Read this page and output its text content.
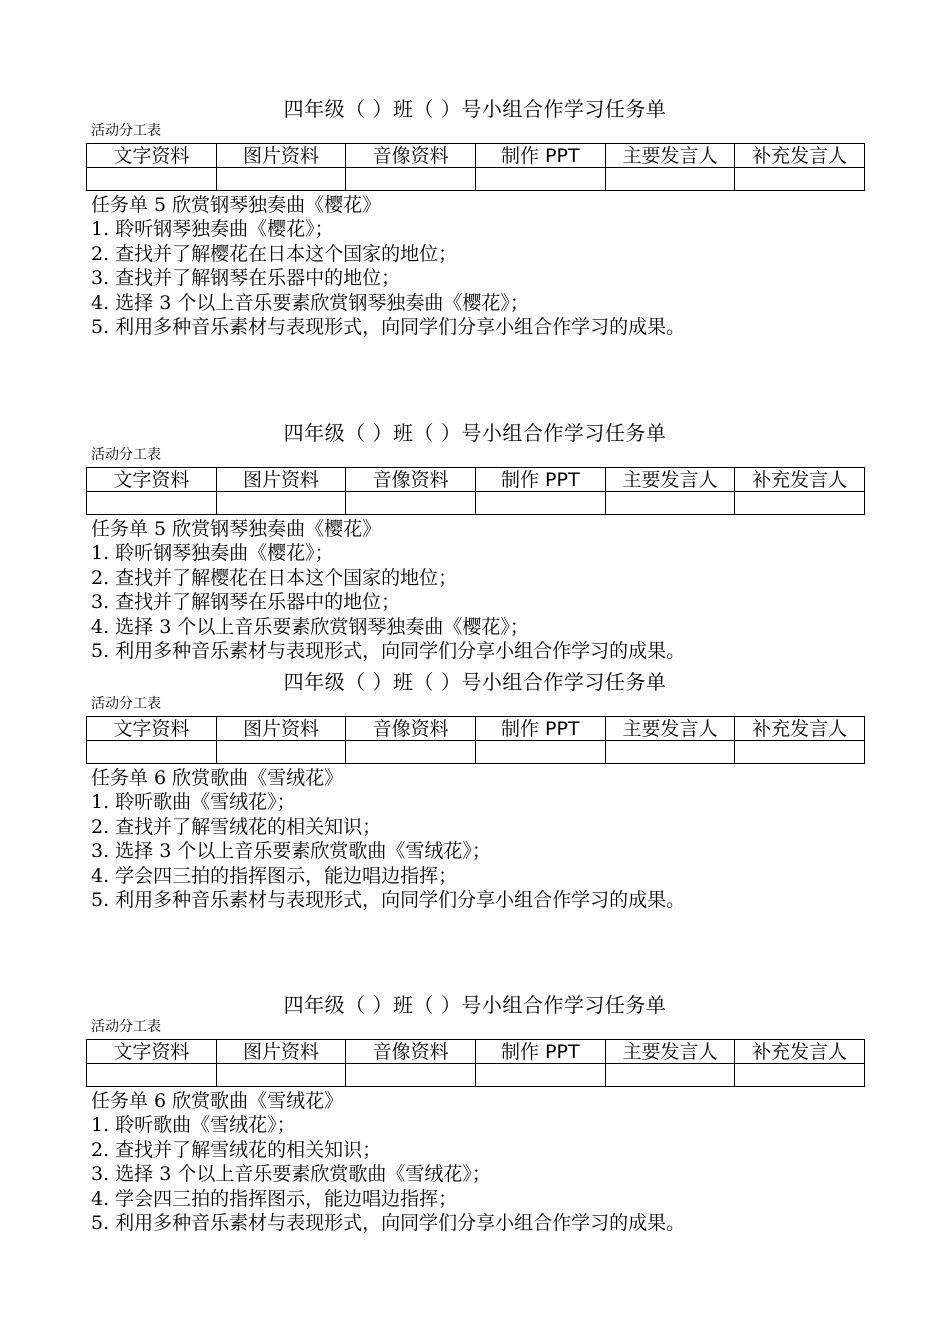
四年级（ ）班（ ）号小组合作学习任务单
活动分工表
文字资料	图片资料	音像资料	制作 PPT	主要发言人	补充发言人

任务单 5 欣赏钢琴独奏曲《樱花》
1. 聆听钢琴独奏曲《樱花》；
2. 查找并了解樱花在日本这个国家的地位；
3. 查找并了解钢琴在乐器中的地位；
4. 选择 3 个以上音乐要素欣赏钢琴独奏曲《樱花》；
5. 利用多种音乐素材与表现形式，向同学们分享小组合作学习的成果。
四年级（ ）班（ ）号小组合作学习任务单
活动分工表
文字资料	图片资料	音像资料	制作 PPT	主要发言人	补充发言人

任务单 5 欣赏钢琴独奏曲《樱花》
1. 聆听钢琴独奏曲《樱花》；
2. 查找并了解樱花在日本这个国家的地位；
3. 查找并了解钢琴在乐器中的地位；
4. 选择 3 个以上音乐要素欣赏钢琴独奏曲《樱花》；
5. 利用多种音乐素材与表现形式，向同学们分享小组合作学习的成果。
四年级（ ）班（ ）号小组合作学习任务单
活动分工表
文字资料	图片资料	音像资料	制作 PPT	主要发言人	补充发言人

任务单 6 欣赏歌曲《雪绒花》
1. 聆听歌曲《雪绒花》；
2. 查找并了解雪绒花的相关知识；
3. 选择 3 个以上音乐要素欣赏歌曲《雪绒花》；
4. 学会四三拍的指挥图示，能边唱边指挥；
5. 利用多种音乐素材与表现形式，向同学们分享小组合作学习的成果。
四年级（ ）班（ ）号小组合作学习任务单
活动分工表
文字资料	图片资料	音像资料	制作 PPT	主要发言人	补充发言人

任务单 6 欣赏歌曲《雪绒花》
1. 聆听歌曲《雪绒花》；
2. 查找并了解雪绒花的相关知识；
3. 选择 3 个以上音乐要素欣赏歌曲《雪绒花》；
4. 学会四三拍的指挥图示，能边唱边指挥；
5. 利用多种音乐素材与表现形式，向同学们分享小组合作学习的成果。
